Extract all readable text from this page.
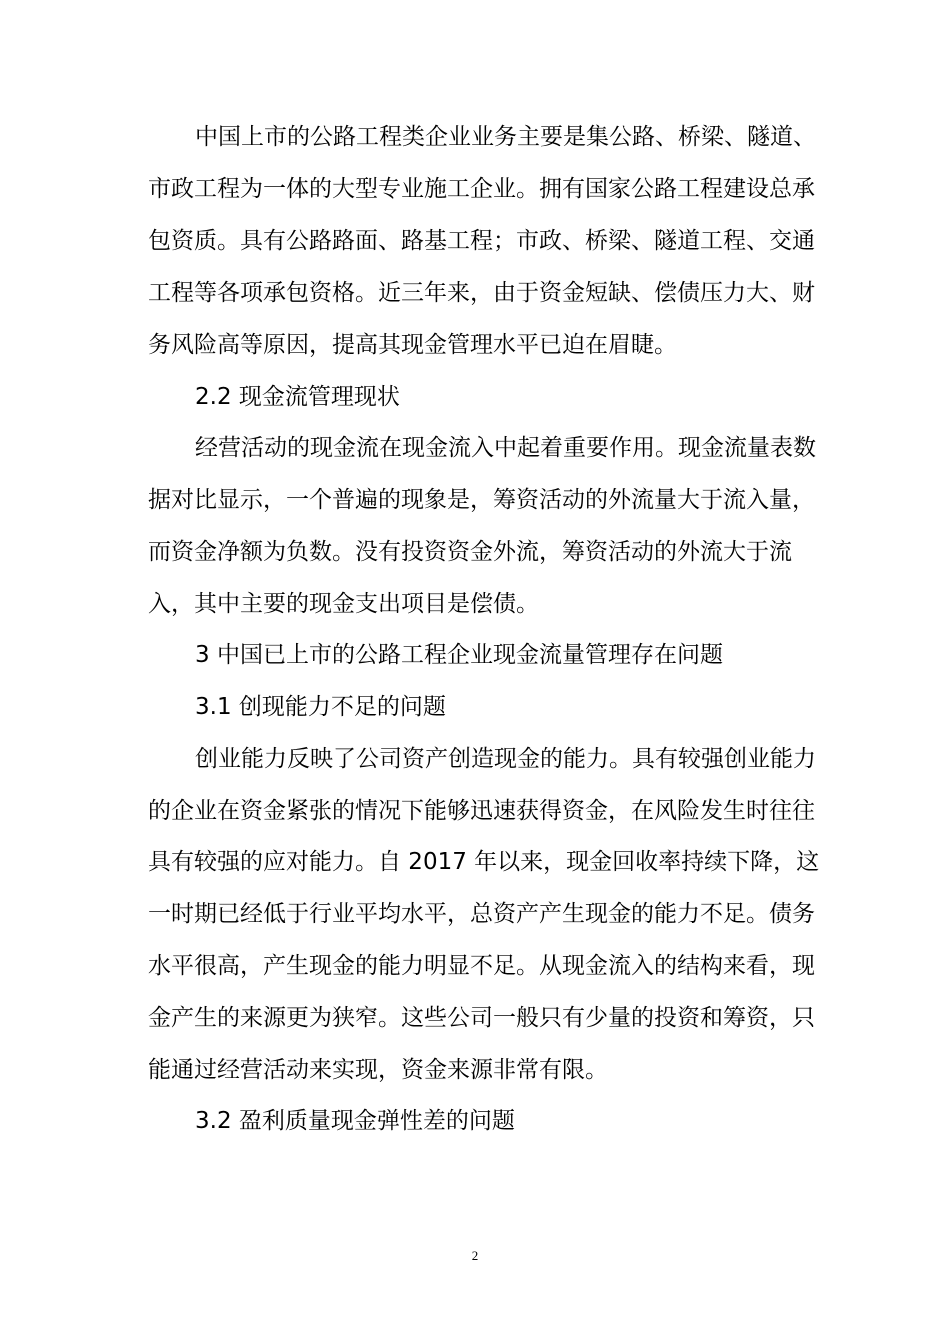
中国上市的公路工程类企业业务主要是集公路、桥梁、隧道、
市政工程为一体的大型专业施工企业。拥有国家公路工程建设总承
包资质。具有公路路面、路基工程；市政、桥梁、隧道工程、交通
工程等各项承包资格。近三年来，由于资金短缺、偿债压力大、财
务风险高等原因，提高其现金管理水平已迫在眉睫。
2.2 现金流管理现状
经营活动的现金流在现金流入中起着重要作用。现金流量表数
据对比显示，一个普遍的现象是，筹资活动的外流量大于流入量，
而资金净额为负数。没有投资资金外流，筹资活动的外流大于流
入，其中主要的现金支出项目是偿债。
3 中国已上市的公路工程企业现金流量管理存在问题
3.1 创现能力不足的问题
创业能力反映了公司资产创造现金的能力。具有较强创业能力
的企业在资金紧张的情况下能够迅速获得资金，在风险发生时往往
具有较强的应对能力。自 2017 年以来，现金回收率持续下降，这
一时期已经低于行业平均水平，总资产产生现金的能力不足。债务
水平很高，产生现金的能力明显不足。从现金流入的结构来看，现
金产生的来源更为狭窄。这些公司一般只有少量的投资和筹资，只
能通过经营活动来实现，资金来源非常有限。
3.2 盈利质量现金弹性差的问题
2
